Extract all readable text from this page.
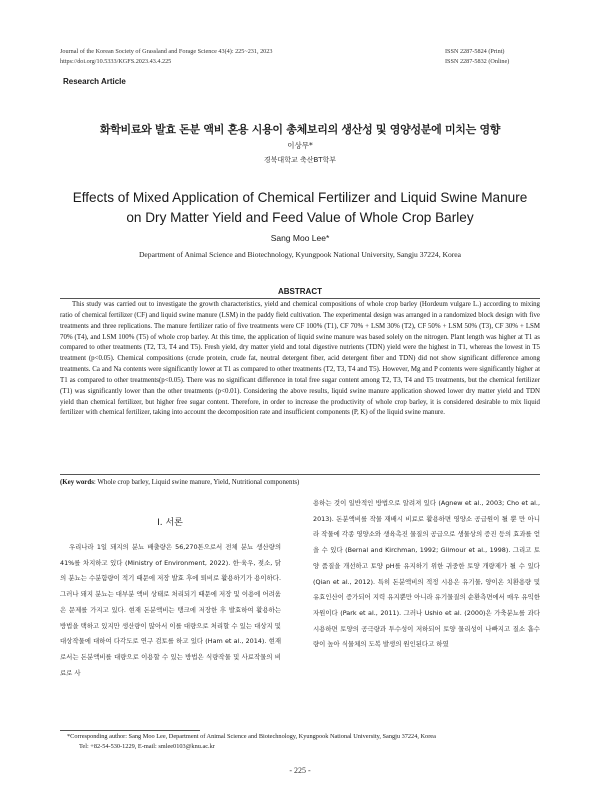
Journal of the Korean Society of Grassland and Forage Science 43(4): 225~231, 2023
https://doi.org/10.5333/KGFS.2023.43.4.225
ISSN 2287-5824 (Print)
ISSN 2287-5832 (Online)
Research Article
화학비료와 발효 돈분 액비 혼용 시용이 총체보리의 생산성 및 영양성분에 미치는 영향
이상무*
경북대학교 축산BT학부
Effects of Mixed Application of Chemical Fertilizer and Liquid Swine Manure
on Dry Matter Yield and Feed Value of Whole Crop Barley
Sang Moo Lee*
Department of Animal Science and Biotechnology, Kyungpook National University, Sangju 37224, Korea
ABSTRACT
This study was carried out to investigate the growth characteristics, yield and chemical compositions of whole crop barley (Hordeum vulgare L.) according to mixing ratio of chemical fertilizer (CF) and liquid swine manure (LSM) in the paddy field cultivation. The experimental design was arranged in a randomized block design with five treatments and three replications. The manure fertilizer ratio of five treatments were CF 100% (T1), CF 70% + LSM 30% (T2), CF 50% + LSM 50% (T3), CF 30% + LSM 70% (T4), and LSM 100% (T5) of whole crop barley. At this time, the application of liquid swine manure was based solely on the nitrogen. Plant length was higher at T1 as compared to other treatments (T2, T3, T4 and T5). Fresh yield, dry matter yield and total digestive nutrients (TDN) yield were the highest in T1, whereas the lowest in T5 treatment (p<0.05). Chemical compositions (crude protein, crude fat, neutral detergent fiber, acid detergent fiber and TDN) did not show significant difference among treatments. Ca and Na contents were significantly lower at T1 as compared to other treatments (T2, T3, T4 and T5). However, Mg and P contents were significantly higher at T1 as compared to other treatments(p<0.05). There was no significant difference in total free sugar content among T2, T3, T4 and T5 treatments, but the chemical fertilizer (T1) was significantly lower than the other treatments (p<0.01). Considering the above results, liquid swine manure application showed lower dry matter yield and TDN yield than chemical fertilizer, but higher free sugar content. Therefore, in order to increase the productivity of whole crop barley, it is considered desirable to mix liquid fertilizer with chemical fertilizer, taking into account the decomposition rate and insufficient components (P, K) of the liquid swine manure.
(Key words: Whole crop barley, Liquid swine manure, Yield, Nutritional components)
Ⅰ. 서론
우리나라 1일 돼지의 분뇨 배출량은 56,270톤으로서 전체 분뇨 생산량의 41%를 차지하고 있다 (Ministry of Environment, 2022). 한·육우, 젖소, 닭의 분뇨는 수분함량이 적기 때문에 저장 발효 후에 퇴비로 활용하기가 용이하다. 그러나 돼지 분뇨는 대부분 액비 상태로 처리되기 때문에 저장 및 이용에 어려움은 문제를 가지고 있다. 현재 돈분액비는 탱크에 저장한 후 발효하여 활용하는 방법을 택하고 있지만 생산량이 많아서 이를 대량으로 처리할 수 있는 대상지 및 대상작물에 대하여 다각도로 연구 검토를 하고 있다 (Ham et al., 2014). 현재로서는 돈분액비를 대량으로 이용할 수 있는 방법은 식량작물 및 사료작물의 비료로 사
용하는 것이 일반적인 방법으로 알려져 있다 (Agnew et al., 2003; Cho et al., 2013). 돈분액비를 작물 재배시 비료로 활용하면 영양소 공급원이 될 뿐 만 아니라 작물에 각종 영양소와 생육촉진 물질의 공급으로 생물상의 증진 등의 효과를 얻을 수 있다 (Bernal and Kirchman, 1992; Gilmour et al., 1998). 그리고 토양 품질을 개선하고 토양 pH를 유지하기 위한 귀중한 토양 개량제가 될 수 있다 (Qian et al., 2012). 특히 돈분액비의 적정 시용은 유기물, 양이온 치환용량 및 유효인산이 증가되어 지력 유지뿐만 아니라 유기물질의 순환측면에서 매우 유익한 자원이다 (Park et al., 2011). 그러나 Ushio et al. (2000)은 가축분뇨를 과다 시용하면 토양의 공극량과 투수성이 저하되어 토양 물리성이 나빠지고 질소 흡수량이 높아 식물체의 도복 발생의 원인된다고 하였
*Corresponding author: Sang Moo Lee, Department of Animal Science and Biotechnology, Kyungpook National University, Sangju 37224, Korea
Tel: +82-54-530-1229, E-mail: smlee0103@knu.ac.kr
- 225 -
